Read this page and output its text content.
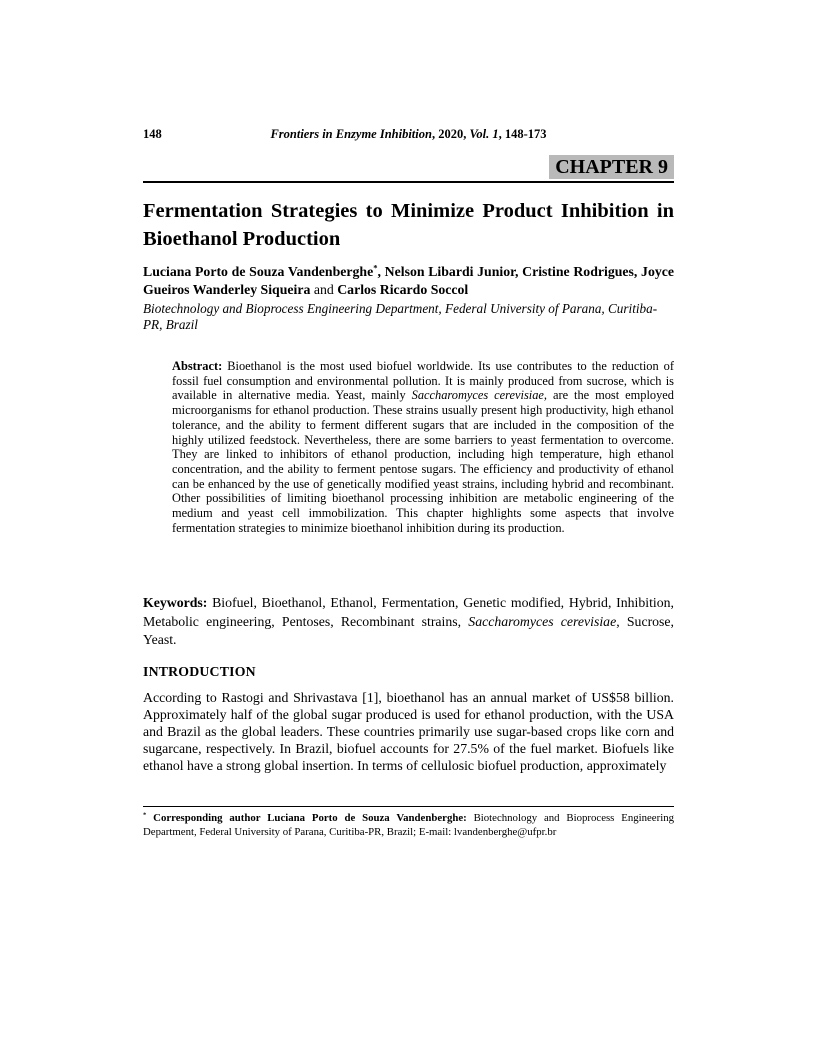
148	Frontiers in Enzyme Inhibition, 2020, Vol. 1, 148-173
CHAPTER 9
Fermentation Strategies to Minimize Product Inhibition in Bioethanol Production
Luciana Porto de Souza Vandenberghe*, Nelson Libardi Junior, Cristine Rodrigues, Joyce Gueiros Wanderley Siqueira and Carlos Ricardo Soccol
Biotechnology and Bioprocess Engineering Department, Federal University of Parana, Curitiba-PR, Brazil
Abstract: Bioethanol is the most used biofuel worldwide. Its use contributes to the reduction of fossil fuel consumption and environmental pollution. It is mainly produced from sucrose, which is available in alternative media. Yeast, mainly Saccharomyces cerevisiae, are the most employed microorganisms for ethanol production. These strains usually present high productivity, high ethanol tolerance, and the ability to ferment different sugars that are included in the composition of the highly utilized feedstock. Nevertheless, there are some barriers to yeast fermentation to overcome. They are linked to inhibitors of ethanol production, including high temperature, high ethanol concentration, and the ability to ferment pentose sugars. The efficiency and productivity of ethanol can be enhanced by the use of genetically modified yeast strains, including hybrid and recombinant. Other possibilities of limiting bioethanol processing inhibition are metabolic engineering of the medium and yeast cell immobilization. This chapter highlights some aspects that involve fermentation strategies to minimize bioethanol inhibition during its production.
Keywords: Biofuel, Bioethanol, Ethanol, Fermentation, Genetic modified, Hybrid, Inhibition, Metabolic engineering, Pentoses, Recombinant strains, Saccharomyces cerevisiae, Sucrose, Yeast.
INTRODUCTION

According to Rastogi and Shrivastava [1], bioethanol has an annual market of US$58 billion. Approximately half of the global sugar produced is used for ethanol production, with the USA and Brazil as the global leaders. These countries primarily use sugar-based crops like corn and sugarcane, respectively. In Brazil, biofuel accounts for 27.5% of the fuel market. Biofuels like ethanol have a strong global insertion. In terms of cellulosic biofuel production, approximately

* Corresponding author Luciana Porto de Souza Vandenberghe: Biotechnology and Bioprocess Engineering Department, Federal University of Parana, Curitiba-PR, Brazil; E-mail: lvandenberghe@ufpr.br
